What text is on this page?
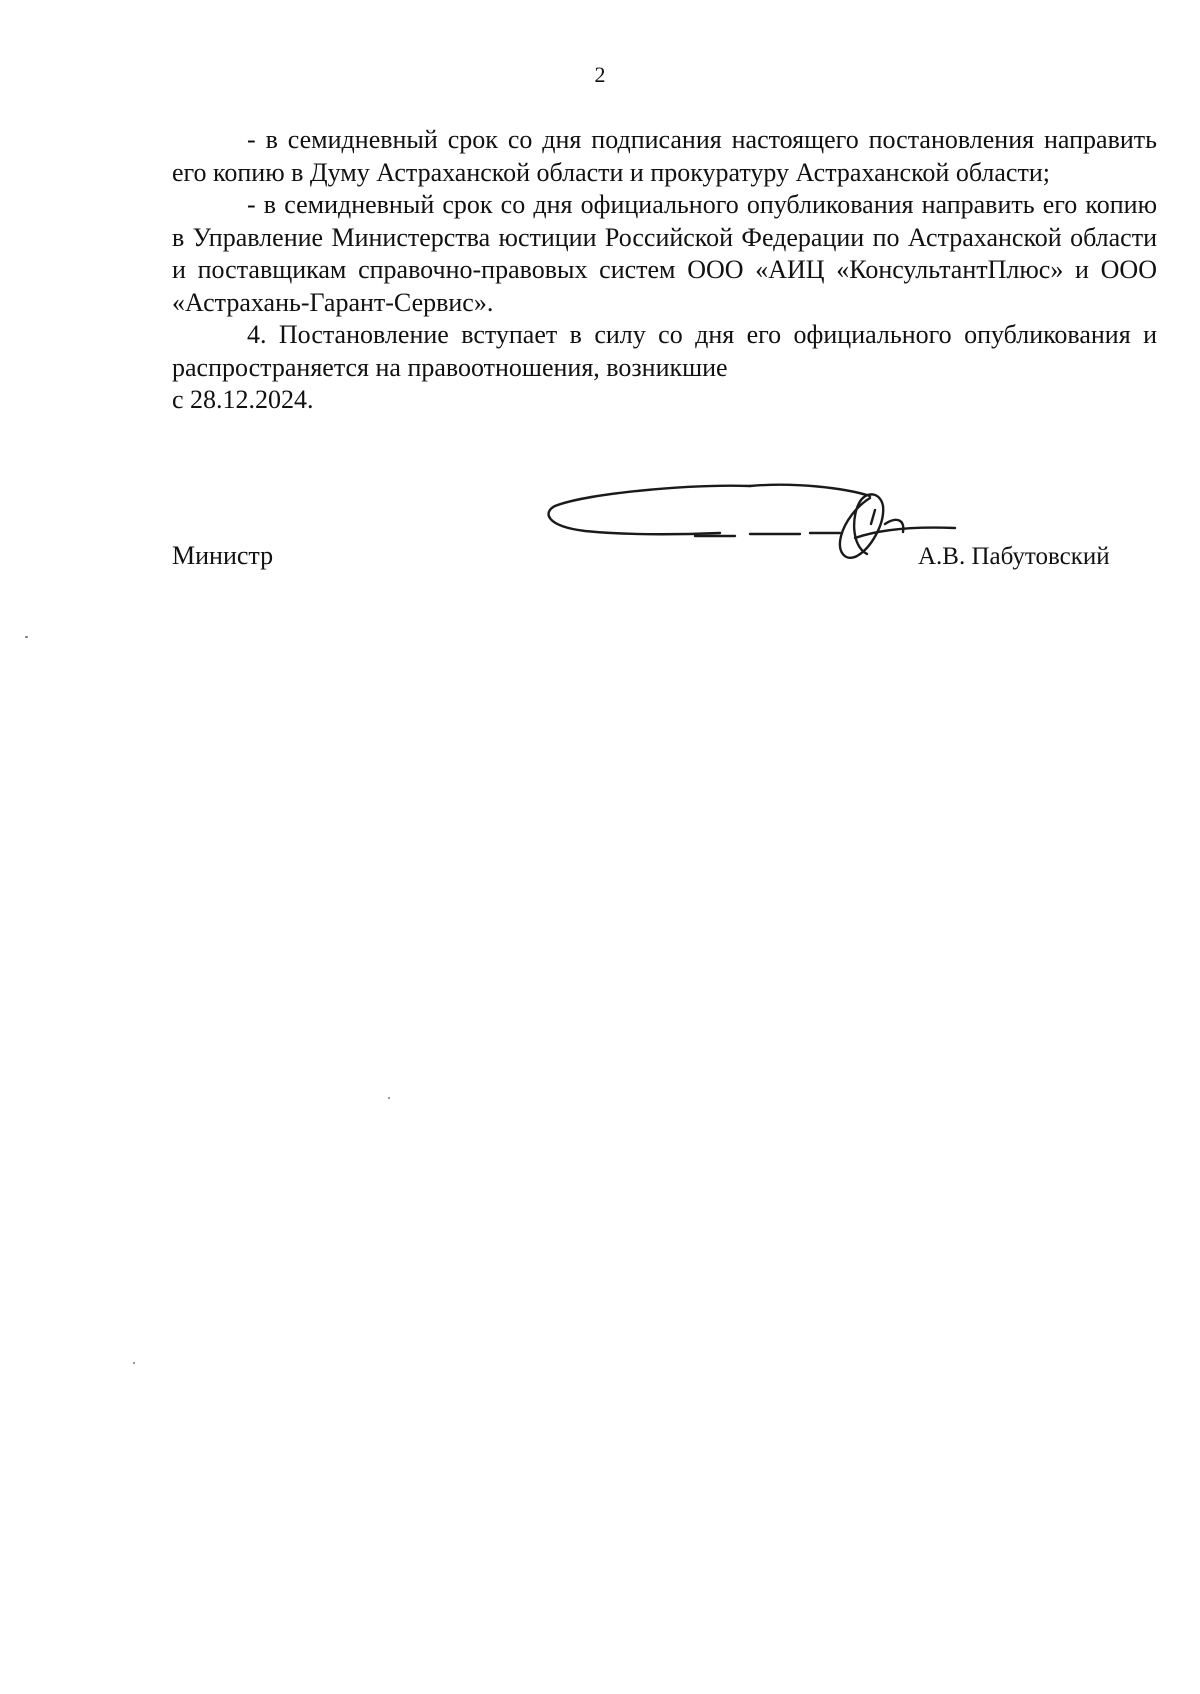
2

- в семидневный срок со дня подписания настоящего постановления направить его копию в Думу Астраханской области и прокуратуру Астраханской области;

- в семидневный срок со дня официального опубликования направить его копию в Управление Министерства юстиции Российской Федерации по Астраханской области и поставщикам справочно-правовых систем ООО «АИЦ «КонсультантПлюс» и ООО «Астрахань-Гарант-Сервис».

4. Постановление вступает в силу со дня его официального опубликования и распространяется на правоотношения, возникшие

с 28.12.2024.
Министр	А.В. Пабутовский
